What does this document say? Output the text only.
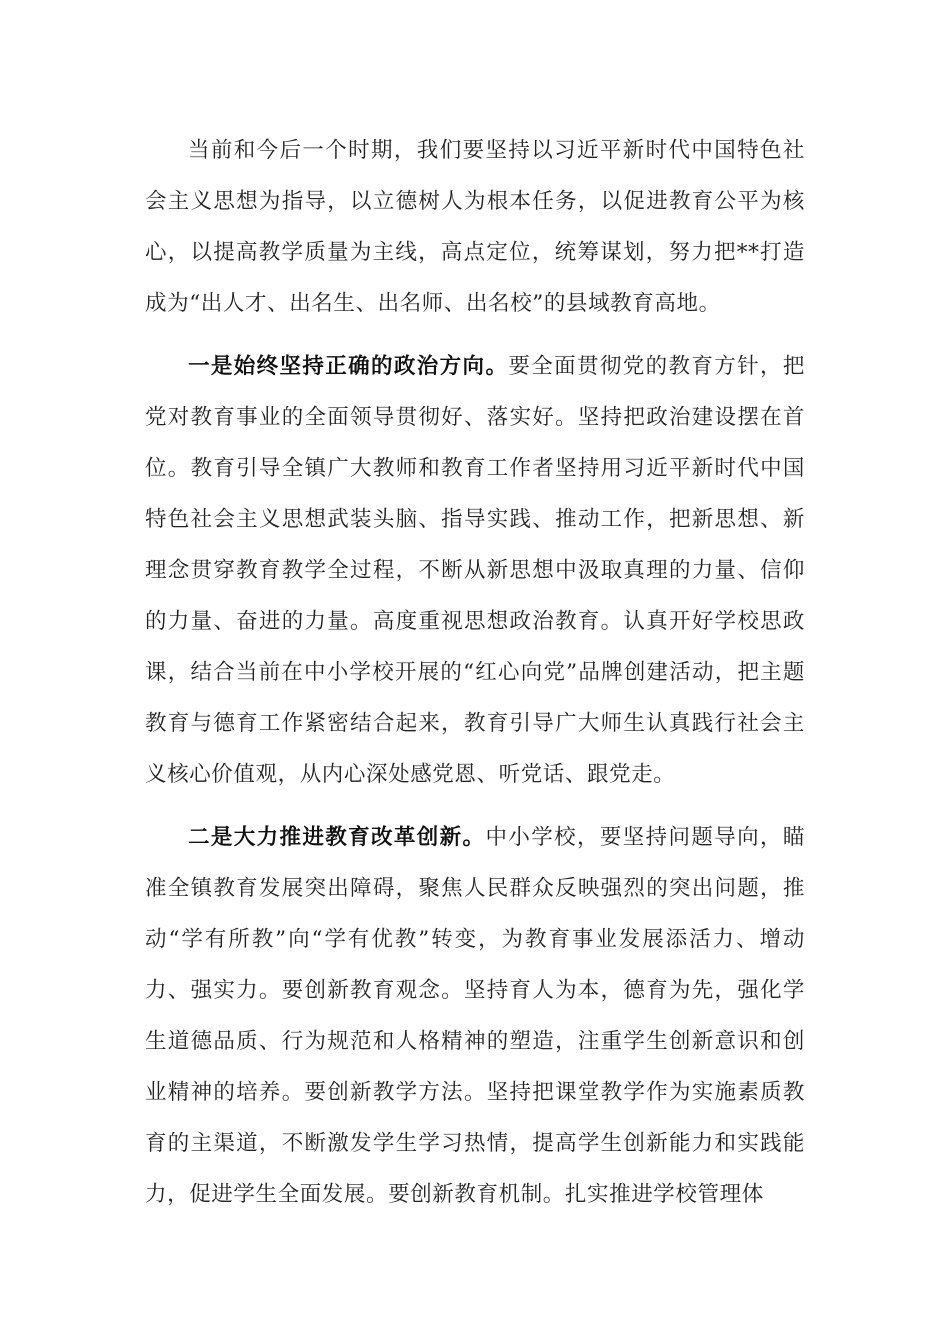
当前和今后一个时期，我们要坚持以习近平新时代中国特色社会主义思想为指导，以立德树人为根本任务，以促进教育公平为核心，以提高教学质量为主线，高点定位，统筹谋划，努力把**打造成为“出人才、出名生、出名师、出名校”的县域教育高地。

一是始终坚持正确的政治方向。要全面贯彻党的教育方针，把党对教育事业的全面领导贯彻好、落实好。坚持把政治建设摆在首位。教育引导全镇广大教师和教育工作者坚持用习近平新时代中国特色社会主义思想武装头脑、指导实践、推动工作，把新思想、新理念贯穿教育教学全过程，不断从新思想中汲取真理的力量、信仰的力量、奋进的力量。高度重视思想政治教育。认真开好学校思政课，结合当前在中小学校开展的“红心向党”品牌创建活动，把主题教育与德育工作紧密结合起来，教育引导广大师生认真践行社会主义核心价值观，从内心深处感党恩、听党话、跟党走。

二是大力推进教育改革创新。中小学校，要坚持问题导向，瞄准全镇教育发展突出障碍，聚焦人民群众反映强烈的突出问题，推动“学有所教”向“学有优教”转变，为教育事业发展添活力、增动力、强实力。要创新教育观念。坚持育人为本，德育为先，强化学生道德品质、行为规范和人格精神的塑造，注重学生创新意识和创业精神的培养。要创新教学方法。坚持把课堂教学作为实施素质教育的主渠道，不断激发学生学习热情，提高学生创新能力和实践能力，促进学生全面发展。要创新教育机制。扎实推进学校管理体
